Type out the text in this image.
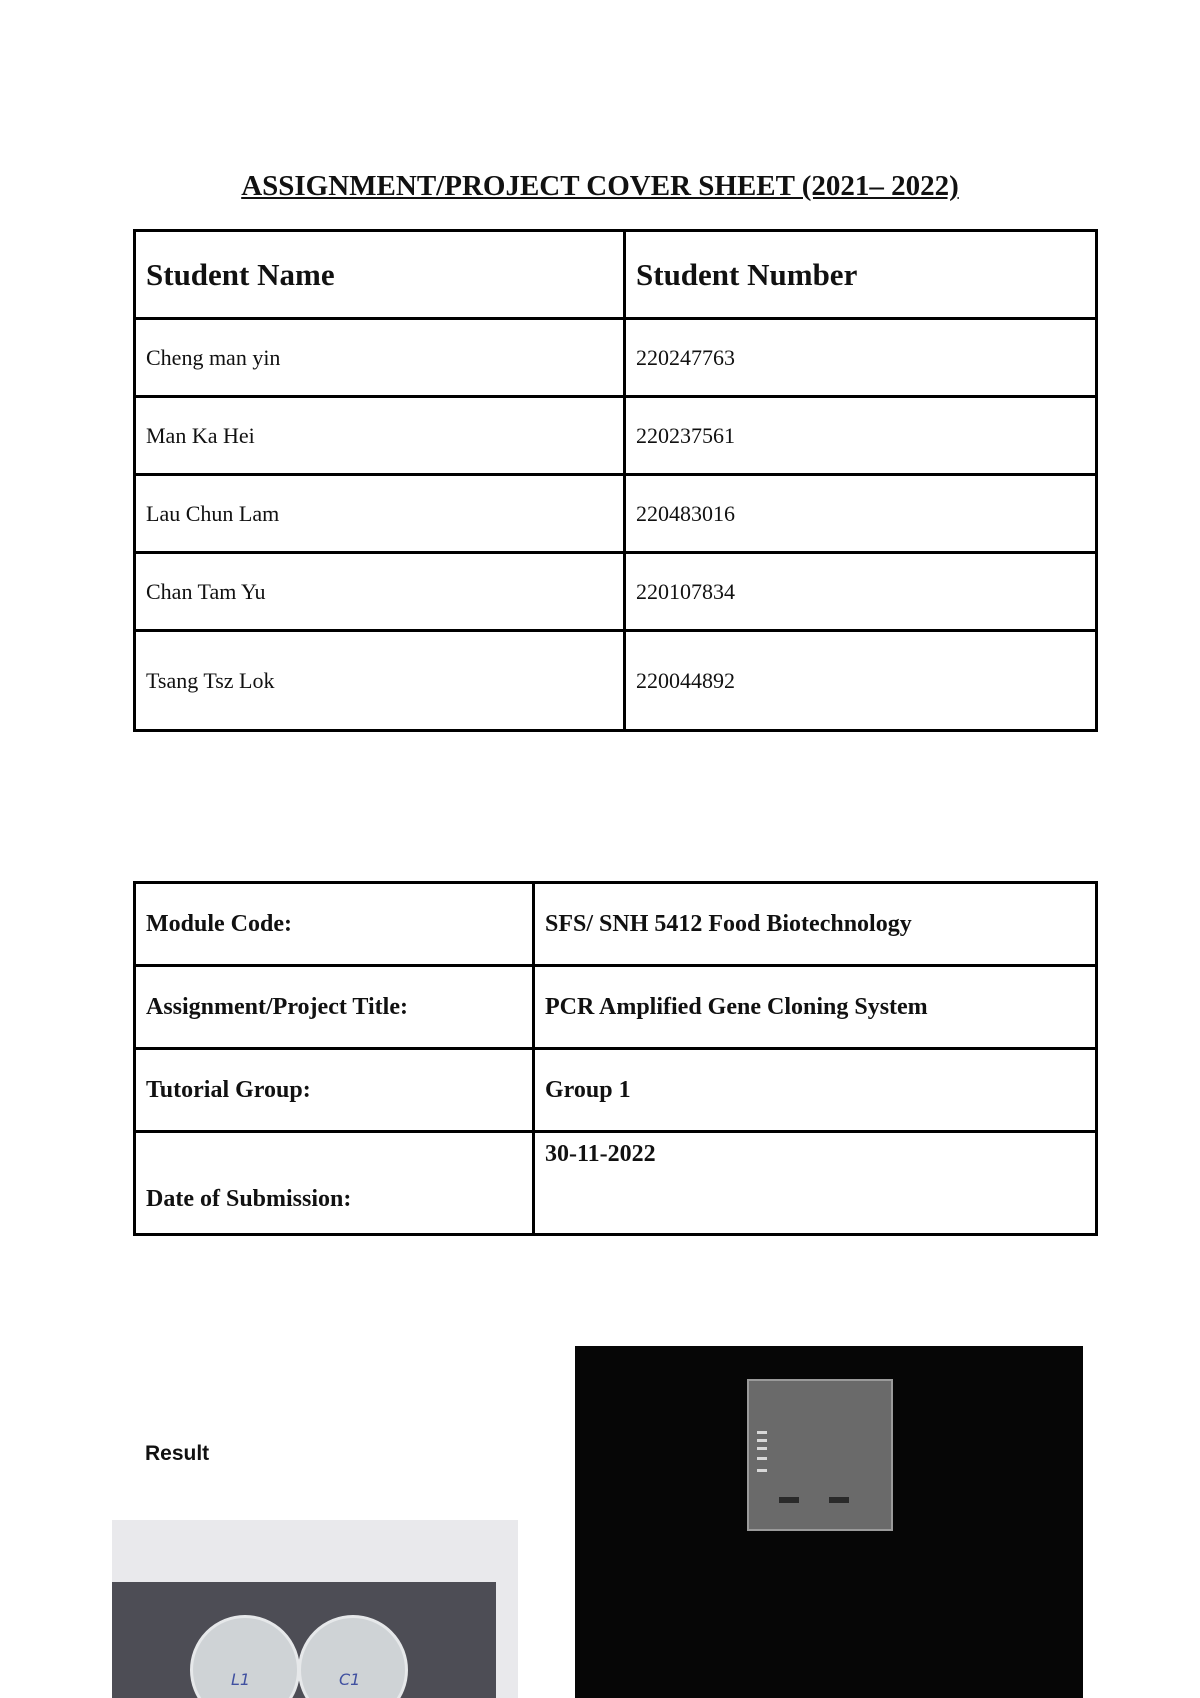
ASSIGNMENT/PROJECT COVER SHEET (2021– 2022)
Student Name	Student Number
Cheng man yin	220247763
Man Ka Hei	220237561
Lau Chun Lam	220483016
Chan Tam Yu	220107834
Tsang Tsz Lok	220044892
Module Code:	SFS/ SNH 5412 Food Biotechnology
Assignment/Project Title:	PCR Amplified Gene Cloning System
Tutorial Group:	Group 1
Date of Submission:	30-11-2022
Result
L1	C1
